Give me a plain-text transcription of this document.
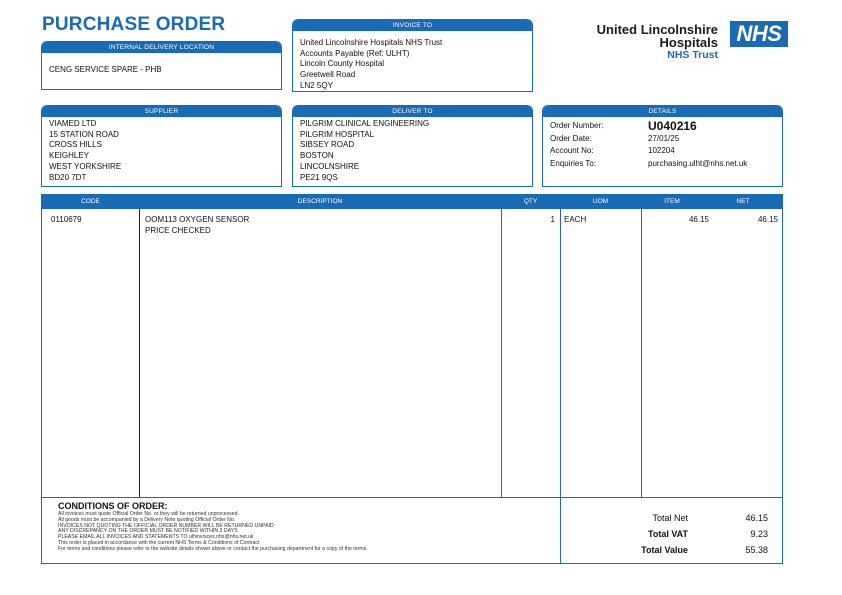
PURCHASE ORDER	United Lincolnshire
Hospitals
NHS Trust
NHS
INTERNAL DELIVERY LOCATION
CENG SERVICE SPARE - PHB
INVOICE TO
United Lincolnshire Hospitals NHS Trust
Accounts Payable (Ref: ULHT)
Lincoln County Hospital
Greetwell Road
LN2 5QY
SUPPLIER
VIAMED LTD
15 STATION ROAD
CROSS HILLS
KEIGHLEY
WEST YORKSHIRE
BD20 7DT
DELIVER TO
PILGRIM CLINICAL ENGINEERING
PILGRIM HOSPITAL
SIBSEY ROAD
BOSTON
LINCOLNSHIRE
PE21 9QS
DETAILS
Order Number:	U040216
Order Date:	27/01/25
Account No:	102204
Enquiries To:	purchasing.ulht@nhs.net.uk
CODE	DESCRIPTION	QTY	UOM	ITEM	NET
0110679	OOM113 OXYGEN SENSOR
PRICE CHECKED
1 EACH	46.15	46.15
CONDITIONS OF ORDER:
All invoices must quote Official Order No. or they will be returned unprocessed.
All goods must be accompanied by a Delivery Note quoting Official Order No.
INVOICES NOT QUOTING THE OFFICIAL ORDER NUMBER WILL BE RETURNED UNPAID
ANY DISCREPANCY ON THE ORDER MUST BE NOTIFIED WITHIN 3 DAYS
PLEASE EMAIL ALL INVOICES AND STATEMENTS TO ulhinvoices.nhs@nhs.net.uk
This order is placed in accordance with the current NHS Terms & Conditions of Contract
For terms and conditions please refer to the website details shown above or contact the purchasing department for a copy of the terms.
Total Net	46.15
Total VAT	9.23
Total Value	55.38
